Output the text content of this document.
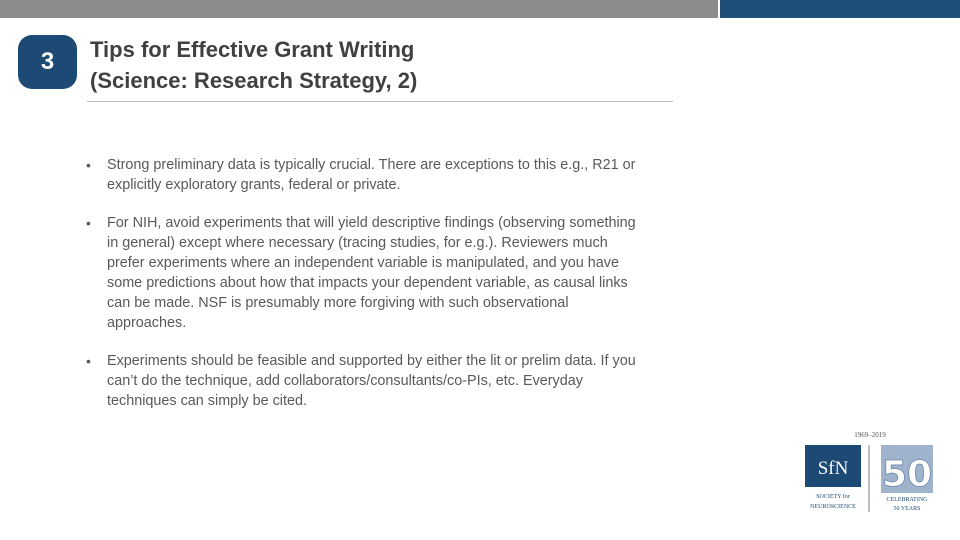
3	Tips for Effective Grant Writing
(Science: Research Strategy, 2)
• Strong preliminary data is typically crucial. There are exceptions to this e.g., R21 or explicitly exploratory grants, federal or private.
• For NIH, avoid experiments that will yield descriptive findings (observing something in general) except where necessary (tracing studies, for e.g.). Reviewers much prefer experiments where an independent variable is manipulated, and you have some predictions about how that impacts your dependent variable, as causal links can be made. NSF is presumably more forgiving with such observational approaches.
• Experiments should be feasible and supported by either the lit or prelim data. If you can’t do the technique, add collaborators/consultants/co-PIs, etc. Everyday techniques can simply be cited.
1969–2019
SfN
SOCIETY for
NEUROSCIENCE
50
CELEBRATING
50 YEARS
